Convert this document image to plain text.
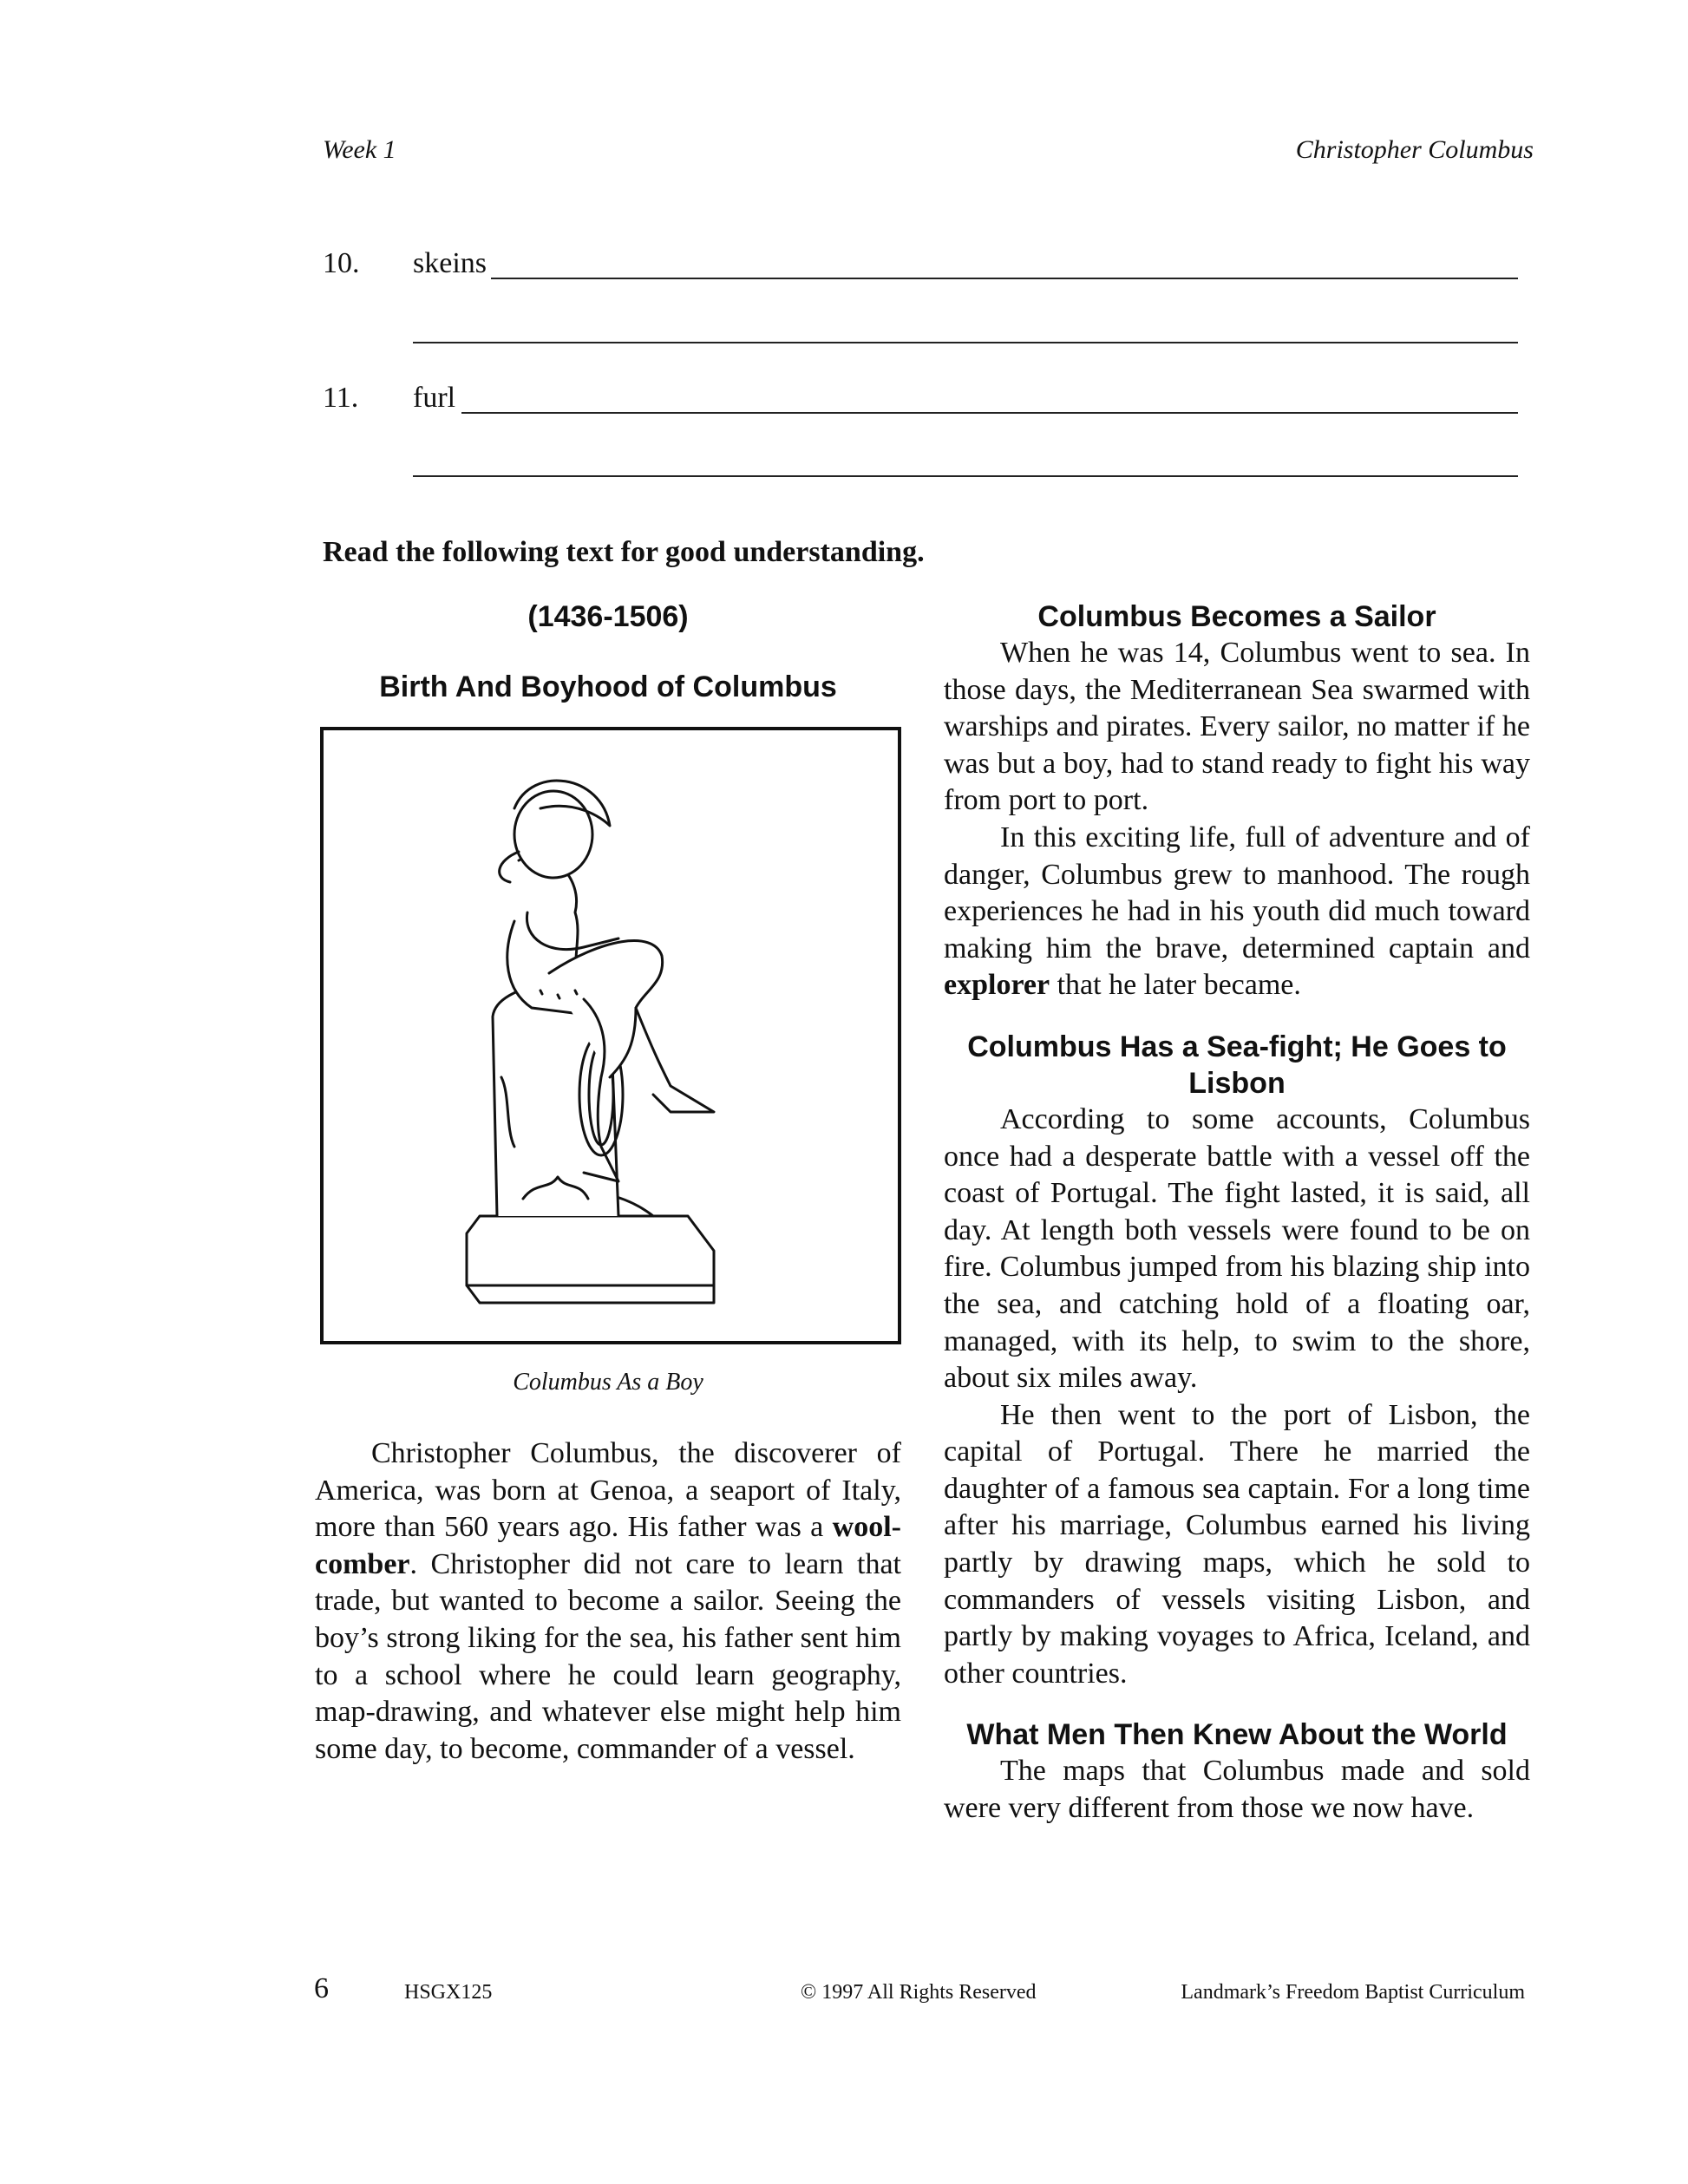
Week 1	Christopher Columbus
10. skeins
11. furl
Read the following text for good understanding.
(1436-1506)
Birth And Boyhood of Columbus
Columbus As a Boy

Christopher Columbus, the discoverer of America, was born at Genoa, a seaport of Italy, more than 560 years ago. His father was a wool-comber. Christopher did not care to learn that trade, but wanted to become a sailor. Seeing the boy’s strong liking for the sea, his father sent him to a school where he could learn geography, map-drawing, and whatever else might help him some day, to become, commander of a vessel.

Columbus Becomes a Sailor

When he was 14, Columbus went to sea. In those days, the Mediterranean Sea swarmed with warships and pirates. Every sailor, no matter if he was but a boy, had to stand ready to fight his way from port to port.

In this exciting life, full of adventure and of danger, Columbus grew to manhood. The rough experiences he had in his youth did much toward making him the brave, determined captain and explorer that he later became.

Columbus Has a Sea-fight; He Goes to Lisbon

According to some accounts, Columbus once had a desperate battle with a vessel off the coast of Portugal. The fight lasted, it is said, all day. At length both vessels were found to be on fire. Columbus jumped from his blazing ship into the sea, and catching hold of a floating oar, managed, with its help, to swim to the shore, about six miles away.

He then went to the port of Lisbon, the capital of Portugal. There he married the daughter of a famous sea captain. For a long time after his marriage, Columbus earned his living partly by drawing maps, which he sold to commanders of vessels visiting Lisbon, and partly by making voyages to Africa, Iceland, and other countries.

What Men Then Knew About the World

The maps that Columbus made and sold were very different from those we now have.

6	HSGX125	© 1997 All Rights Reserved	Landmark’s Freedom Baptist Curriculum
